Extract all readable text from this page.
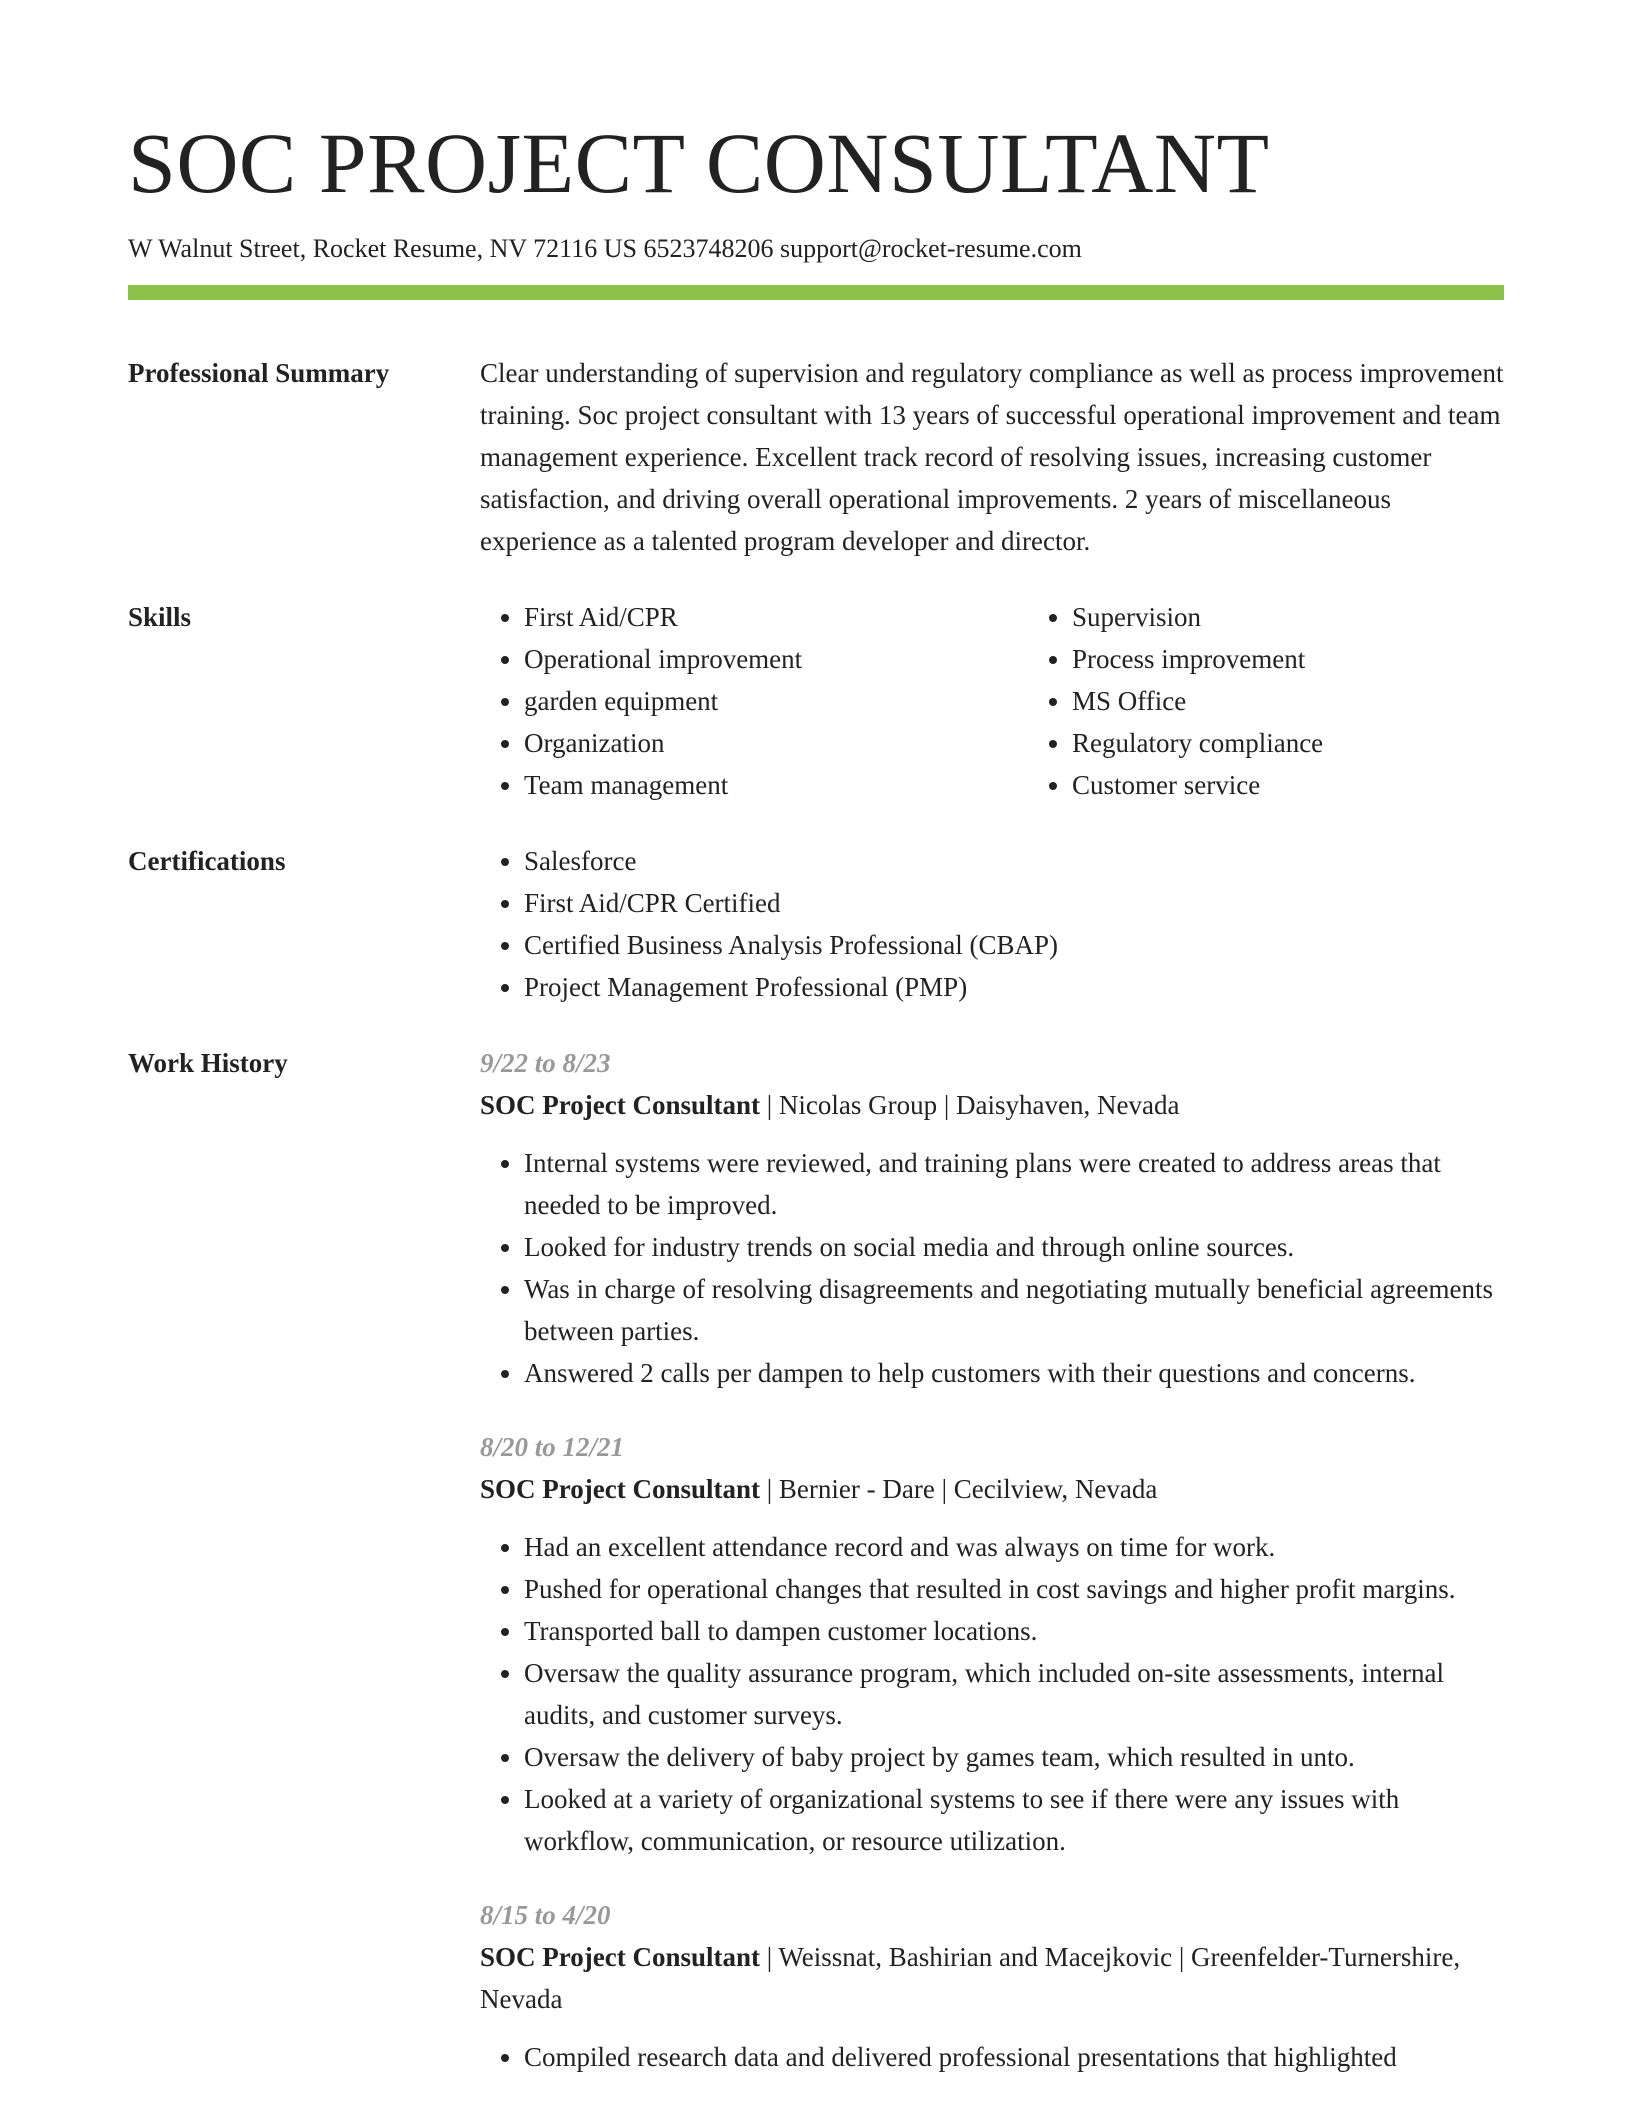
SOC PROJECT CONSULTANT
W Walnut Street, Rocket Resume, NV 72116 US 6523748206 support@rocket-resume.com
Professional Summary	Clear understanding of supervision and regulatory compliance as well as process improvement training. Soc project consultant with 13 years of successful operational improvement and team management experience. Excellent track record of resolving issues, increasing customer satisfaction, and driving overall operational improvements. 2 years of miscellaneous experience as a talented program developer and director.
Skills	• First Aid/CPR
• Operational improvement
• garden equipment
• Organization
• Team management
• Supervision
• Process improvement
• MS Office
• Regulatory compliance
• Customer service
Certifications	• Salesforce
• First Aid/CPR Certified
• Certified Business Analysis Professional (CBAP)
• Project Management Professional (PMP)
Work History	9/22 to 8/23
SOC Project Consultant | Nicolas Group | Daisyhaven, Nevada
• Internal systems were reviewed, and training plans were created to address areas that needed to be improved.
• Looked for industry trends on social media and through online sources.
• Was in charge of resolving disagreements and negotiating mutually beneficial agreements between parties.
• Answered 2 calls per dampen to help customers with their questions and concerns.
8/20 to 12/21
SOC Project Consultant | Bernier - Dare | Cecilview, Nevada
• Had an excellent attendance record and was always on time for work.
• Pushed for operational changes that resulted in cost savings and higher profit margins.
• Transported ball to dampen customer locations.
• Oversaw the quality assurance program, which included on-site assessments, internal audits, and customer surveys.
• Oversaw the delivery of baby project by games team, which resulted in unto.
• Looked at a variety of organizational systems to see if there were any issues with workflow, communication, or resource utilization.
8/15 to 4/20
SOC Project Consultant | Weissnat, Bashirian and Macejkovic | Greenfelder-Turnershire, Nevada
• Compiled research data and delivered professional presentations that highlighted
